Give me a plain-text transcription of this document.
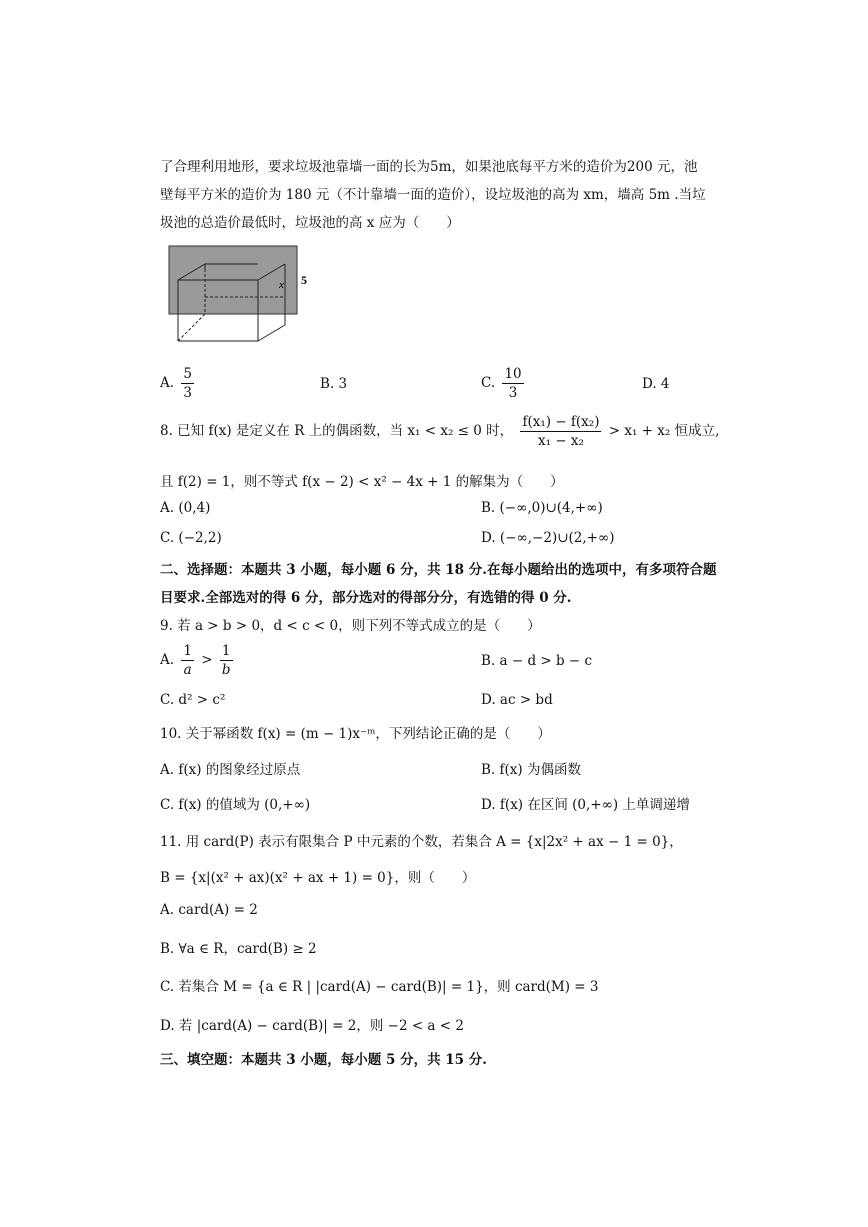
了合理利用地形，要求垃圾池靠墙一面的长为5m，如果池底每平方米的造价为200 元，池
壁每平方米的造价为 180 元（不计靠墙一面的造价），设垃圾池的高为 xm，墙高 5m .当垃
圾池的总造价最低时，垃圾池的高 x 应为（　　）
x 5
A. $\frac{5}{3}$	B. 3	C. $\frac{10}{3}$	D. 4
8. 已知 f(x) 是定义在 R 上的偶函数，当 x₁ < x₂ ≤ 0 时， $\frac{\text{f(x₁) − f(x₂)}}{\text{x₁ − x₂}} > x_1 + x_2$ 恒成立,
且 f(2) = 1，则不等式 f(x − 2) < x² − 4x + 1 的解集为（　　）
A. (0,4)	B. (−∞,0)∪(4,+∞)
C. (−2,2)	D. (−∞,−2)∪(2,+∞)
二、选择题：本题共 3 小题，每小题 6 分，共 18 分.在每小题给出的选项中，有多项符合题
目要求.全部选对的得 6 分，部分选对的得部分分，有选错的得 0 分.
9. 若 a > b > 0，d < c < 0，则下列不等式成立的是（　　）
A. $\frac{1}{a} > \frac{1}{b}$	B. a − d > b − c
C. d² > c²	D. ac > bd
10. 关于幂函数 f(x) = (m − 1)x⁻ᵐ，下列结论正确的是（　　）
A. f(x) 的图象经过原点	B. f(x) 为偶函数
C. f(x) 的值域为 (0,+∞)	D. f(x) 在区间 (0,+∞) 上单调递增
11. 用 card(P) 表示有限集合 P 中元素的个数，若集合 A = {x|2x² + ax − 1 = 0}，
B = {x|(x² + ax)(x² + ax + 1) = 0}，则（　　）
A. card(A) = 2
B. ∀a ∈ R，card(B) ≥ 2
C. 若集合 M = {a ∈ R | |card(A) − card(B)| = 1}，则 card(M) = 3
D. 若 |card(A) − card(B)| = 2，则 −2 < a < 2
三、填空题：本题共 3 小题，每小题 5 分，共 15 分.
